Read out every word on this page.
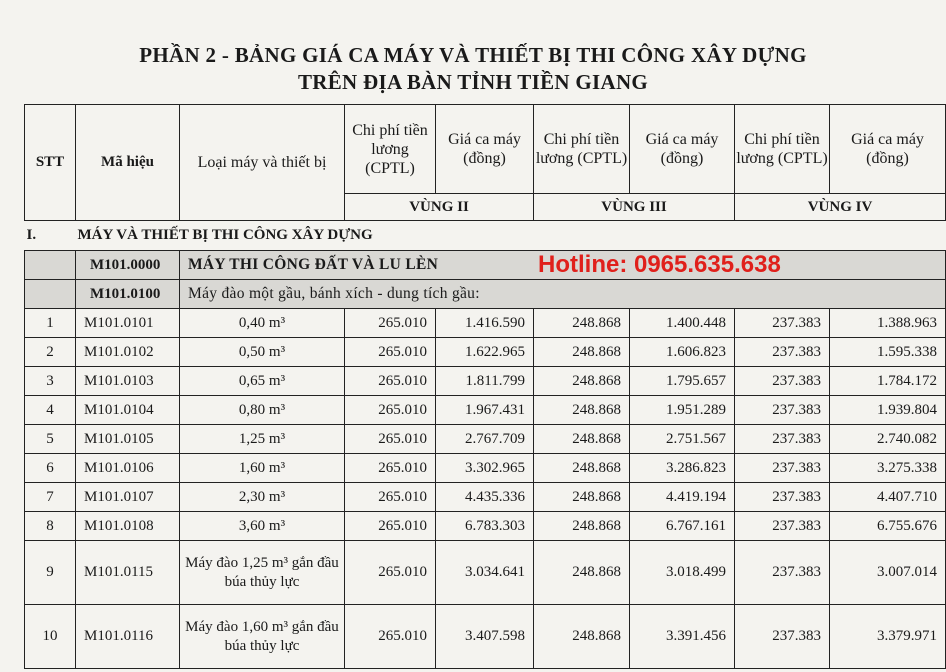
PHẦN 2 - BẢNG GIÁ CA MÁY VÀ THIẾT BỊ THI CÔNG XÂY DỰNG
TRÊN ĐỊA BÀN TỈNH TIỀN GIANG
STT	Mã hiệu	Loại máy và thiết bị	Chi phí tiền lương (CPTL)	Giá ca máy (đồng)	Chi phí tiền lương (CPTL)	Giá ca máy (đồng)	Chi phí tiền lương (CPTL)	Giá ca máy (đồng)
			VÙNG II		VÙNG III		VÙNG IV	
I.	MÁY VÀ THIẾT BỊ THI CÔNG XÂY DỰNG							
	M101.0000	MÁY THI CÔNG ĐẤT VÀ LU LÈN						
	M101.0100	Máy đào một gầu, bánh xích - dung tích gầu:						
1	M101.0101	0,40 m³	265.010	1.416.590	248.868	1.400.448	237.383	1.388.963
2	M101.0102	0,50 m³	265.010	1.622.965	248.868	1.606.823	237.383	1.595.338
3	M101.0103	0,65 m³	265.010	1.811.799	248.868	1.795.657	237.383	1.784.172
4	M101.0104	0,80 m³	265.010	1.967.431	248.868	1.951.289	237.383	1.939.804
5	M101.0105	1,25 m³	265.010	2.767.709	248.868	2.751.567	237.383	2.740.082
6	M101.0106	1,60 m³	265.010	3.302.965	248.868	3.286.823	237.383	3.275.338
7	M101.0107	2,30 m³	265.010	4.435.336	248.868	4.419.194	237.383	4.407.710
8	M101.0108	3,60 m³	265.010	6.783.303	248.868	6.767.161	237.383	6.755.676
9	M101.0115	Máy đào 1,25 m³ gắn đầu búa thủy lực	265.010	3.034.641	248.868	3.018.499	237.383	3.007.014
10	M101.0116	Máy đào 1,60 m³ gắn đầu búa thủy lực	265.010	3.407.598	248.868	3.391.456	237.383	3.379.971
Hotline: 0965.635.638
